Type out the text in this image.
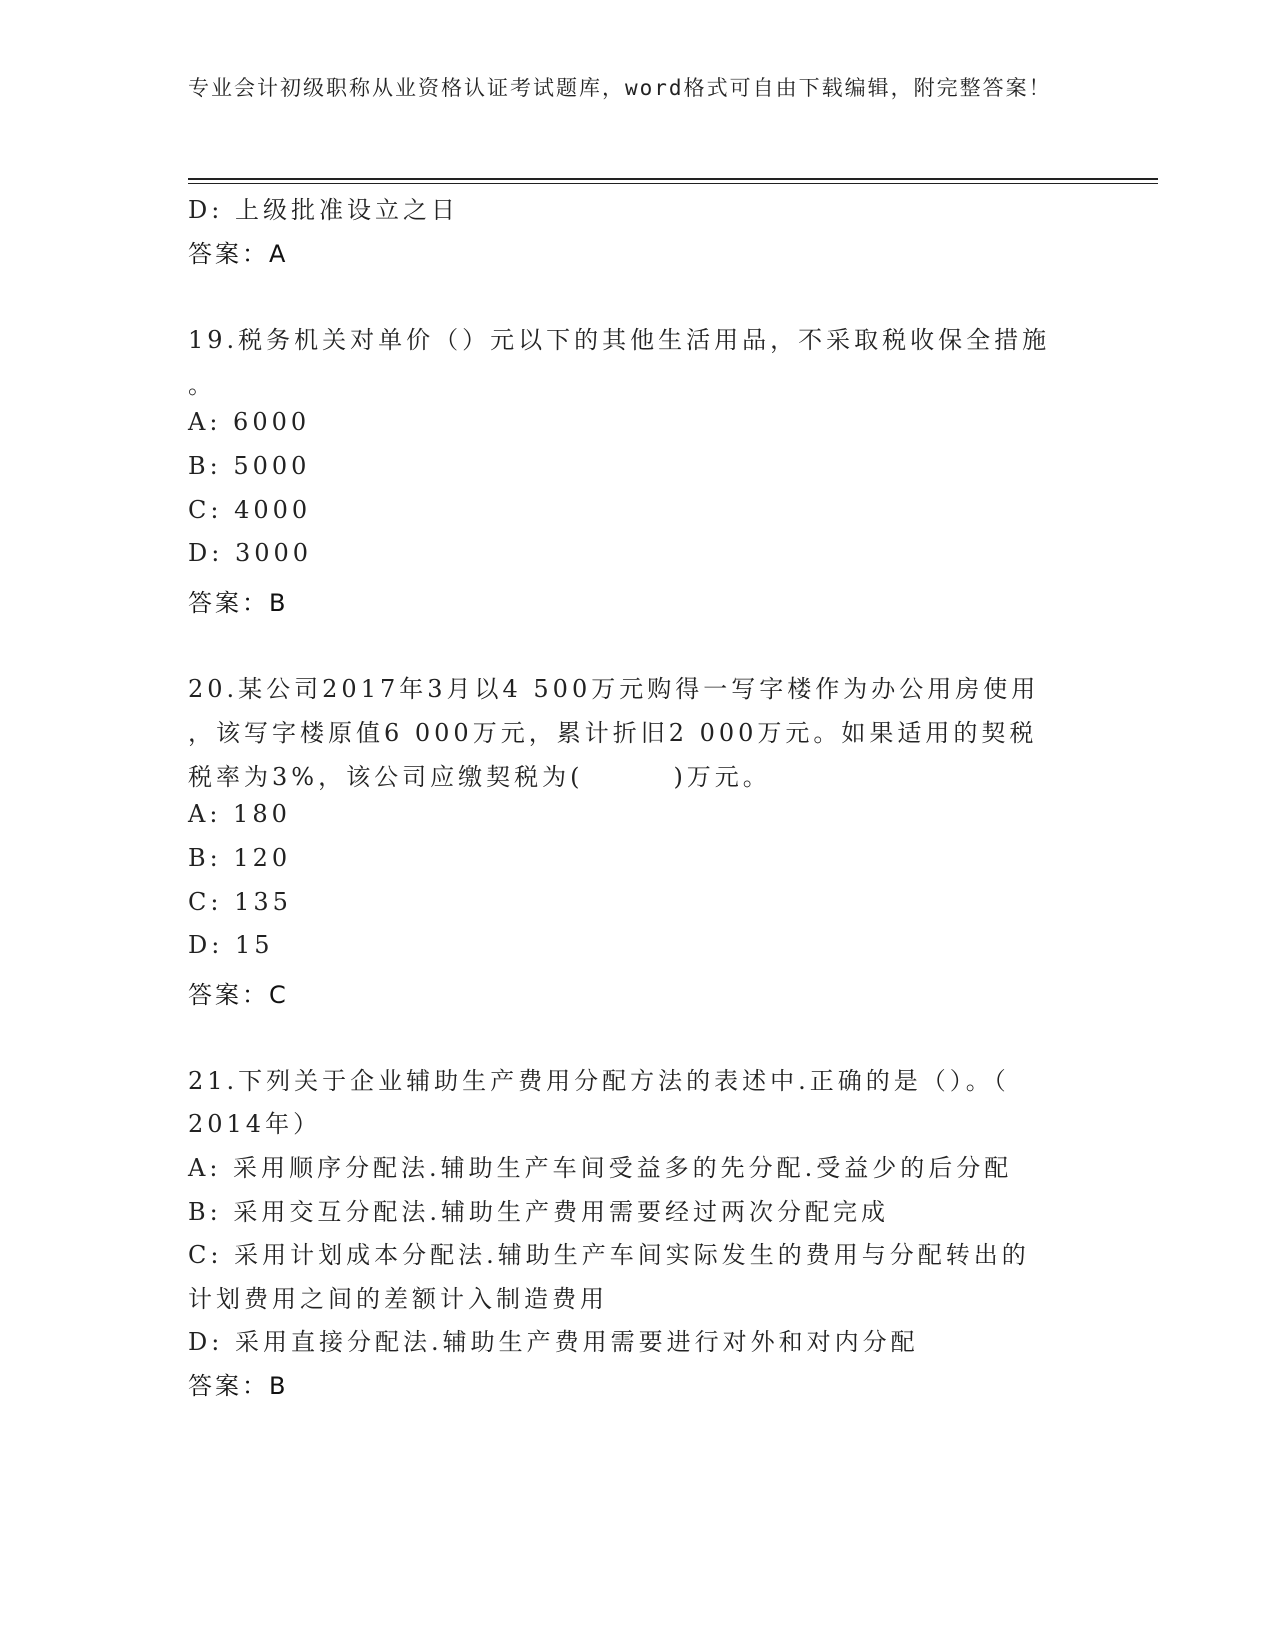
专业会计初级职称从业资格认证考试题库，word格式可自由下载编辑，附完整答案！
D: 上级批准设立之日
答案：A
19.税务机关对单价（）元以下的其他生活用品，不采取税收保全措施
。
A: 6000
B: 5000
C: 4000
D: 3000
答案：B
20.某公司2017年3月以4 500万元购得一写字楼作为办公用房使用
，该写字楼原值6 000万元，累计折旧2 000万元。如果适用的契税
税率为3%，该公司应缴契税为(	)万元。
A: 180
B: 120
C: 135
D: 15
答案：C
21.下列关于企业辅助生产费用分配方法的表述中.正确的是（）。（
2014年）
A: 采用顺序分配法.辅助生产车间受益多的先分配.受益少的后分配
B: 采用交互分配法.辅助生产费用需要经过两次分配完成
C: 采用计划成本分配法.辅助生产车间实际发生的费用与分配转出的
计划费用之间的差额计入制造费用
D: 采用直接分配法.辅助生产费用需要进行对外和对内分配
答案：B
